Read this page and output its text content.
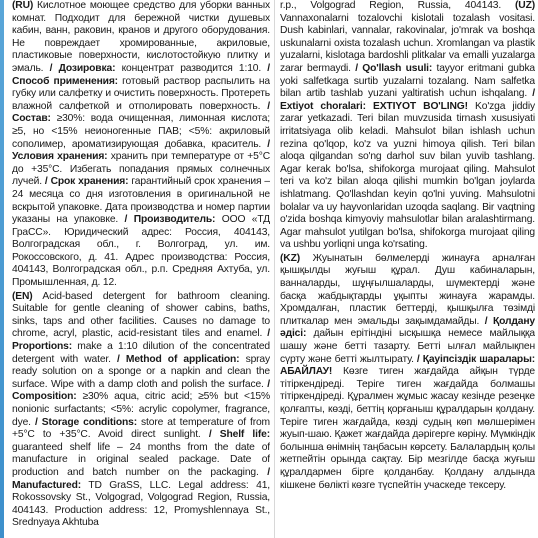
(RU) Кислотное моющее средство для уборки ванных комнат. Подходит для бережной чистки душевых кабин, ванн, раковин, кранов и другого оборудования. Не повреждает хромированные, акриловые, пластиковые поверхности, кислотостойкую плитку и эмаль. / Дозировка: концентрат разводится 1:10. / Способ применения: готовый раствор распылить на губку или салфетку и очистить поверхность. Протереть влажной салфеткой и отполировать поверхность. / Состав: ≥30%: вода очищенная, лимонная кислота; ≥5, но <15% неионогенные ПАВ; <5%: акриловый сополимер, ароматизирующая добавка, краситель. / Условия хранения: хранить при температуре от +5°С до +35°С. Избегать попадания прямых солнечных лучей. / Срок хранения: гарантийный срок хранения – 24 месяца со дня изготовления в оригинальной не вскрытой упаковке. Дата производства и номер партии указаны на упаковке. / Производитель: ООО «ТД ГраСС». Юридический адрес: Россия, 404143, Волгоградская обл., г. Волгоград, ул. им. Рокоссовского, д. 41. Адрес производства: Россия, 404143, Волгоградская обл., р.п. Средняя Ахтуба, ул. Промышленная, д. 12.

(EN) Acid-based detergent for bathroom cleaning. Suitable for gentle cleaning of shower cabins, baths, sinks, taps and other facilities. Causes no damage to chrome, acryl, plastic, acid-resistant tiles and enamel. / Proportions: make a 1:10 dilution of the concentrated detergent with water. / Method of application: spray ready solution on a sponge or a napkin and clean the surface. Wipe with a damp cloth and polish the surface. / Composition: ≥30% aqua, citric acid; ≥5% but <15% nonionic surfactants; <5%: acrylic copolymer, fragrance, dye. / Storage conditions: store at temperature of from +5°C to +35°C. Avoid direct sunlight. / Shelf life: guaranteed shelf life – 24 months from the date of manufacture in original sealed package. Date of production and batch number on the packaging. / Manufactured: TD GraSS, LLC. Legal address: 41, Rokossovsky St., Volgograd, Volgograd Region, Russia, 404143. Production address: 12, Promyshlennaya St., Srednyaya Akhtuba

r.p., Volgograd Region, Russia, 404143. (UZ) Vannaxonalarni tozalovchi kislotali tozalash vositasi. Dush kabinlari, vannalar, rakovinalar, jo'mrak va boshqa uskunalarni oxista tozalash uchun. Xromlangan va plastik yuzalarni, kislotaga bardoshli plitkalar va emalli yuzalarga zarar bermaydi. / Qo'llash usuli: tayyor eritmani gubka yoki salfetkaga surtib yuzalarni tozalang. Nam salfetka bilan artib tashlab yuzani yaltiratish uchun ishqalang. / Extiyot choralari: EXTIYOT BO'LING! Ko'zga jiddiy zarar yetkazadi. Teri bilan muvzusida tirnash xususiyati irritatsiyaga olib keladi. Mahsulot bilan ishlash uchun rezina qo'lqop, ko'z va yuzni himoya qilish. Teri bilan aloqa qilgandan so'ng darhol suv bilan yuvib tashlang. Agar kerak bo'lsa, shifokorga murojaat qiling. Mahsulot teri va ko'z bilan aloqa qilishi mumkin bo'lgan joylarda ishlatmang. Qo'llashdan keyin qo'lni yuving. Mahsulotni bolalar va uy hayvonlaridan uzoqda saqlang. Bir vaqtning o'zida boshqa kimyoviy mahsulotlar bilan aralashtirmang. Agar mahsulot yutilgan bo'lsa, shifokorga murojaat qiling va ushbu yorliqni unga ko'rsating.

(KZ) Жуынатын бөлмелерді жинауға арналған қышқылды жуғыш құрал. Душ кабиналарын, ванналарды, шұңғылшаларды, шүмектерді және басқа жабдықтарды ұқыпты жинауға жарамды. Хромдалған, пластик беттерді, қышқылға төзімді плиткалар мен эмальды зақымдамайды. / Қолдану әдісі: дайын ерітіндіні ысқышқа немесе майлыққа шашу және бетті тазарту. Бетті ылғал майлықпен сүрту және бетті жылтырату. / Қауіпсіздік шаралары: АБАЙЛАУ! Көзге тиген жағдайда айқын түрде тітіркендіреді. Теріге тиген жағдайда болмашы тітіркендіреді. Құралмен жұмыс жасау кезінде резеңке қолғапты, көзді, беттің қорғаныш құралдарын қолдану. Теріге тиген жағдайда, көзді судың көп мөлшерімен жуып-шаю. Қажет жағдайда дәрігерге көріну. Мүмкіндік болынша өнімнің таңбасын көрсету. Балалардың қолы жетпейтін орында сақтау. Бір мезгілде басқа жуғыш құралдармен бірге қолданбау. Қолдану алдында кішкене бөлікті көзге түспейтін учаскеде тексеру.
